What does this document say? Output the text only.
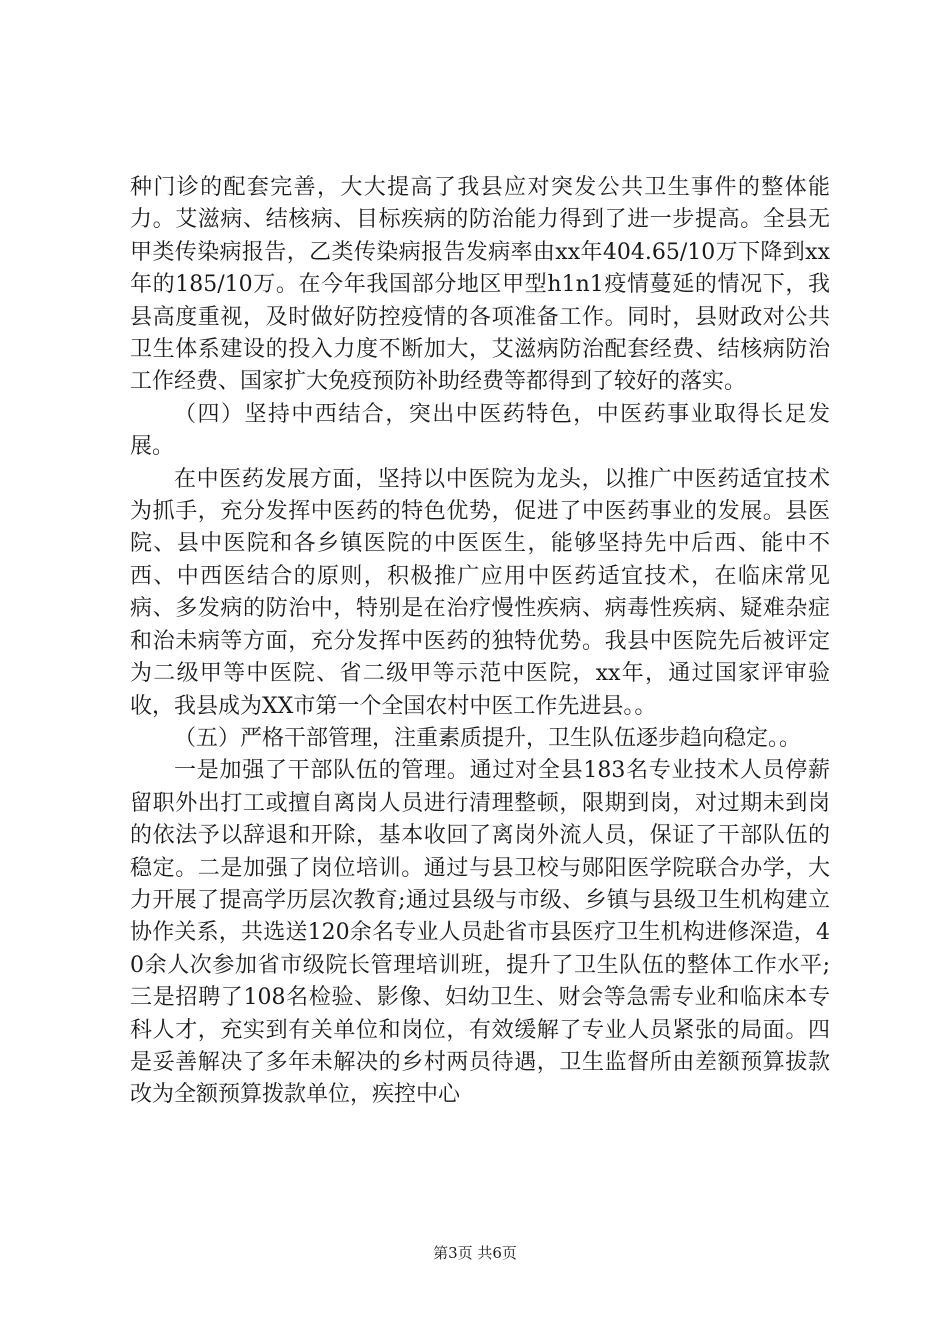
种门诊的配套完善，大大提高了我县应对突发公共卫生事件的整体能力。艾滋病、结核病、目标疾病的防治能力得到了进一步提高。全县无甲类传染病报告，乙类传染病报告发病率由xx年404.65/10万下降到xx年的185/10万。在今年我国部分地区甲型h1n1疫情蔓延的情况下，我县高度重视，及时做好防控疫情的各项准备工作。同时，县财政对公共卫生体系建设的投入力度不断加大，艾滋病防治配套经费、结核病防治工作经费、国家扩大免疫预防补助经费等都得到了较好的落实。

（四）坚持中西结合，突出中医药特色，中医药事业取得长足发展。

在中医药发展方面，坚持以中医院为龙头，以推广中医药适宜技术为抓手，充分发挥中医药的特色优势，促进了中医药事业的发展。县医院、县中医院和各乡镇医院的中医医生，能够坚持先中后西、能中不西、中西医结合的原则，积极推广应用中医药适宜技术，在临床常见病、多发病的防治中，特别是在治疗慢性疾病、病毒性疾病、疑难杂症和治未病等方面，充分发挥中医药的独特优势。我县中医院先后被评定为二级甲等中医院、省二级甲等示范中医院，xx年，通过国家评审验收，我县成为XX市第一个全国农村中医工作先进县。。

（五）严格干部管理，注重素质提升，卫生队伍逐步趋向稳定。。

一是加强了干部队伍的管理。通过对全县183名专业技术人员停薪留职外出打工或擅自离岗人员进行清理整顿，限期到岗，对过期未到岗的依法予以辞退和开除，基本收回了离岗外流人员，保证了干部队伍的稳定。二是加强了岗位培训。通过与县卫校与郧阳医学院联合办学，大力开展了提高学历层次教育;通过县级与市级、乡镇与县级卫生机构建立协作关系，共选送120余名专业人员赴省市县医疗卫生机构进修深造，40余人次参加省市级院长管理培训班，提升了卫生队伍的整体工作水平;三是招聘了108名检验、影像、妇幼卫生、财会等急需专业和临床本专科人才，充实到有关单位和岗位，有效缓解了专业人员紧张的局面。四是妥善解决了多年未解决的乡村两员待遇，卫生监督所由差额预算拔款改为全额预算拨款单位，疾控中心

第3页 共6页
